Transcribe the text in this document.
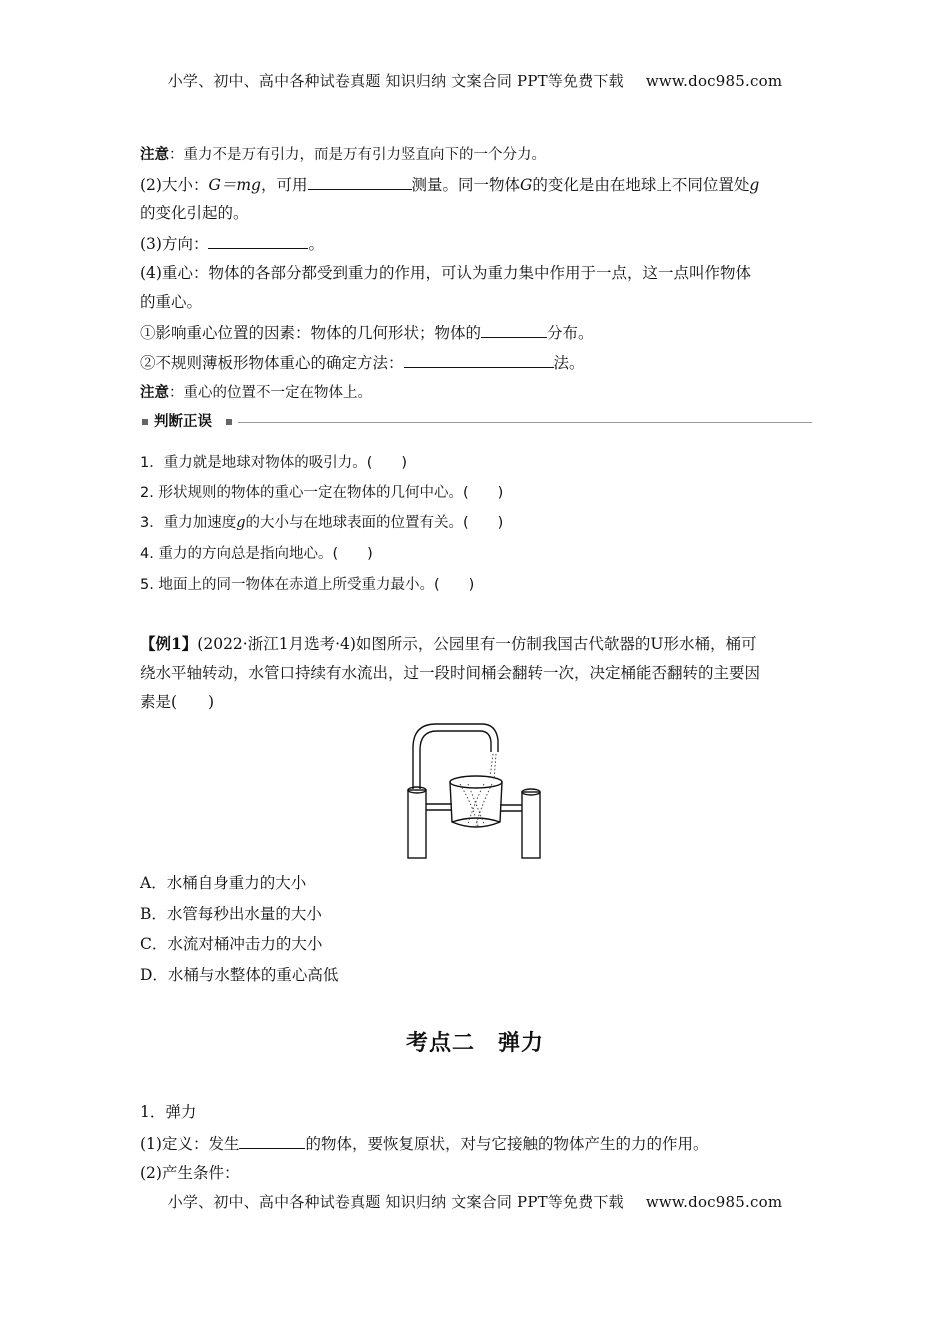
小学、初中、高中各种试卷真题 知识归纳 文案合同 PPT等免费下载 www.doc985.com
注意：重力不是万有引力，而是万有引力竖直向下的一个分力。
(2)大小：G＝mg，可用	测量。同一物体G的变化是由在地球上不同位置处g
的变化引起的。
(3)方向：	。
(4)重心：物体的各部分都受到重力的作用，可认为重力集中作用于一点，这一点叫作物体
的重心。
①影响重心位置的因素：物体的几何形状；物体的	分布。
②不规则薄板形物体重心的确定方法：	法。
注意：重心的位置不一定在物体上。
判断正误
1．重力就是地球对物体的吸引力。(　　)
2. 形状规则的物体的重心一定在物体的几何中心。(　　)
3．重力加速度g的大小与在地球表面的位置有关。(　　)
4. 重力的方向总是指向地心。(　　)
5. 地面上的同一物体在赤道上所受重力最小。(　　)
【例1】(2022·浙江1月选考·4)如图所示，公园里有一仿制我国古代欹器的U形水桶，桶可
绕水平轴转动，水管口持续有水流出，过一段时间桶会翻转一次，决定桶能否翻转的主要因
素是(　　)
A．水桶自身重力的大小
B．水管每秒出水量的大小
C．水流对桶冲击力的大小
D．水桶与水整体的重心高低
考点二　弹力
1．弹力
(1)定义：发生	的物体，要恢复原状，对与它接触的物体产生的力的作用。
(2)产生条件：
小学、初中、高中各种试卷真题 知识归纳 文案合同 PPT等免费下载 www.doc985.com
